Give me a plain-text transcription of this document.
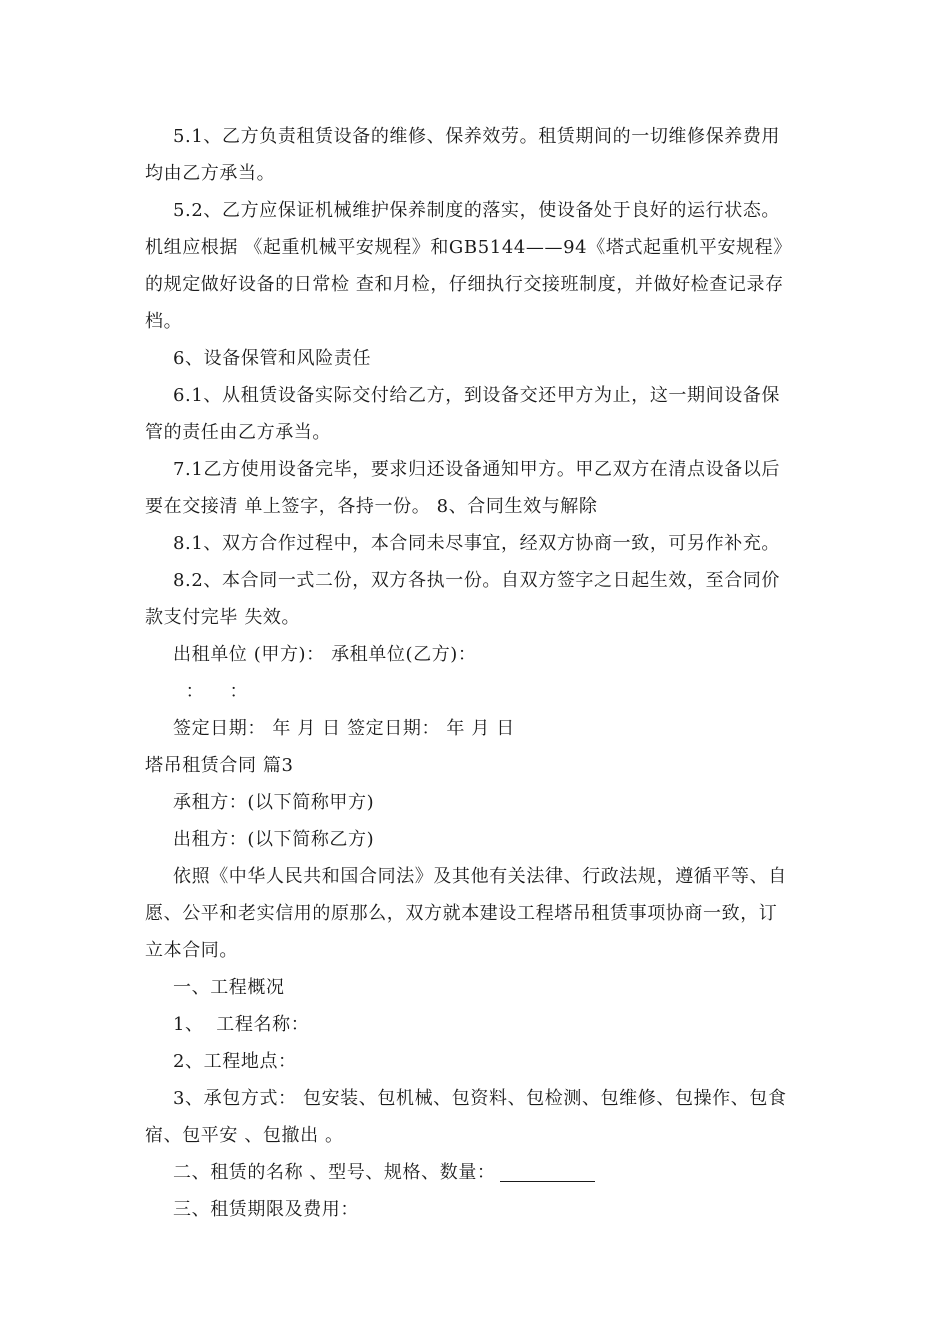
5.1、乙方负责租赁设备的维修、保养效劳。租赁期间的一切维修保养费用
均由乙方承当。
5.2、乙方应保证机械维护保养制度的落实，使设备处于良好的运行状态。
机组应根据 《起重机械平安规程》和GB5144——94《塔式起重机平安规程》
的规定做好设备的日常检 查和月检，仔细执行交接班制度，并做好检查记录存
档。
6、设备保管和风险责任
6.1、从租赁设备实际交付给乙方，到设备交还甲方为止，这一期间设备保
管的责任由乙方承当。
7.1乙方使用设备完毕，要求归还设备通知甲方。甲乙双方在清点设备以后
要在交接清 单上签字，各持一份。 8、合同生效与解除
8.1、双方合作过程中，本合同未尽事宜，经双方协商一致，可另作补充。
8.2、本合同一式二份，双方各执一份。自双方签字之日起生效，至合同价
款支付完毕 失效。
出租单位 (甲方)： 承租单位(乙方)：
：    ：
签定日期： 年 月 日 签定日期： 年 月 日
塔吊租赁合同 篇3
承租方：(以下简称甲方)
出租方：(以下简称乙方)
依照《中华人民共和国合同法》及其他有关法律、行政法规，遵循平等、自
愿、公平和老实信用的原那么，双方就本建设工程塔吊租赁事项协商一致，订
立本合同。
一、工程概况
1、  工程名称：
2、工程地点：
3、承包方式： 包安装、包机械、包资料、包检测、包维修、包操作、包食
宿、包平安 、包撤出 。
二、租赁的名称 、型号、规格、数量：
三、租赁期限及费用：
